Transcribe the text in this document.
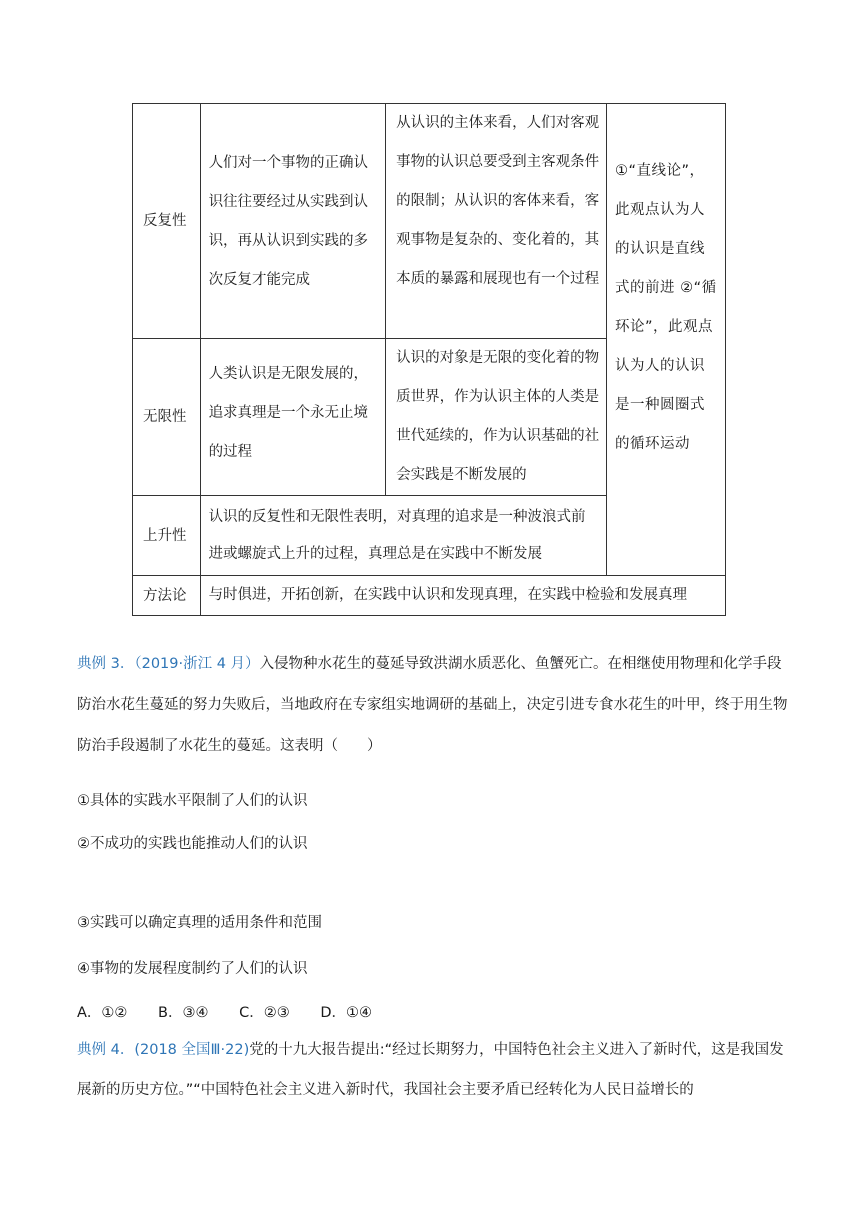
反复性	人们对一个事物的正确认识往往要经过从实践到认识，再从认识到实践的多次反复才能完成	从认识的主体来看，人们对客观事物的认识总要受到主客观条件的限制；从认识的客体来看，客观事物是复杂的、变化着的，其本质的暴露和展现也有一个过程	①“直线论”，此观点认为人的认识是直线式的前进 ②“循环论”，此观点认为人的认识是一种圆圈式的循环运动
无限性	人类认识是无限发展的，追求真理是一个永无止境的过程	认识的对象是无限的变化着的物质世界，作为认识主体的人类是世代延续的，作为认识基础的社会实践是不断发展的	
上升性	认识的反复性和无限性表明，对真理的追求是一种波浪式前进或螺旋式上升的过程，真理总是在实践中不断发展		
方法论	与时俱进，开拓创新，在实践中认识和发现真理，在实践中检验和发展真理		
典例 3．（2019·浙江 4 月）入侵物种水花生的蔓延导致洪湖水质恶化、鱼蟹死亡。在相继使用物理和化学手段防治水花生蔓延的努力失败后，当地政府在专家组实地调研的基础上，决定引进专食水花生的叶甲，终于用生物防治手段遏制了水花生的蔓延。这表明（　　）
①具体的实践水平限制了人们的认识
②不成功的实践也能推动人们的认识
③实践可以确定真理的适用条件和范围
④事物的发展程度制约了人们的认识
A．①② B．③④ C．②③ D．①④
典例 4．(2018 全国Ⅲ·22)党的十九大报告提出:“经过长期努力，中国特色社会主义进入了新时代，这是我国发展新的历史方位。”“中国特色社会主义进入新时代，我国社会主要矛盾已经转化为人民日益增长的
